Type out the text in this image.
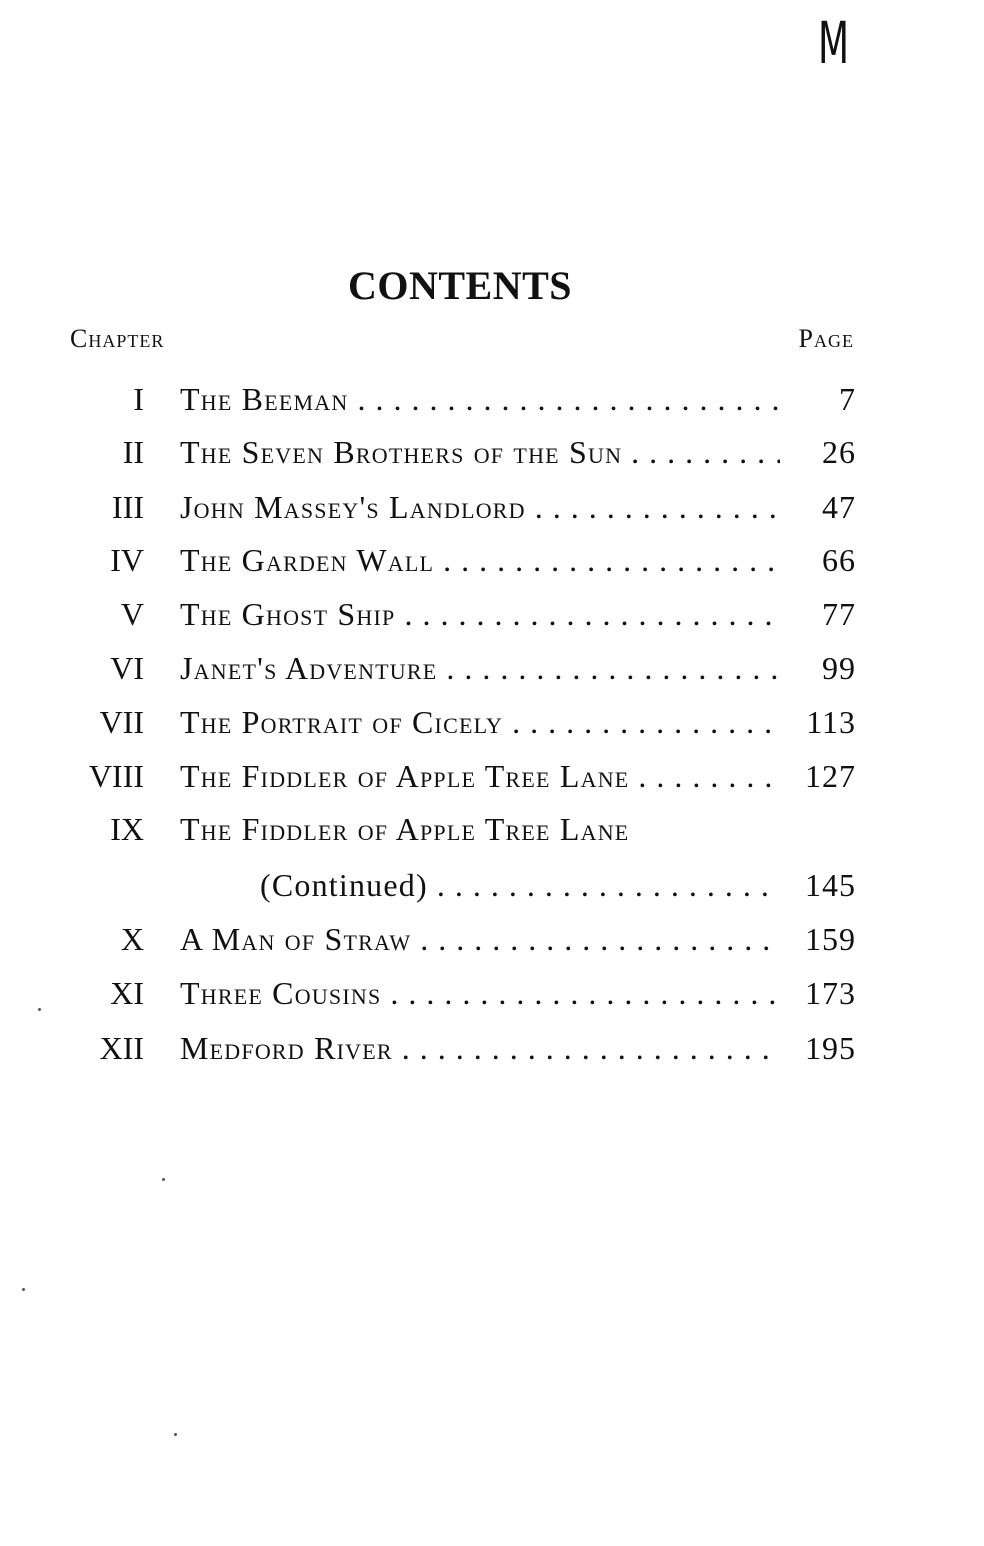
M
CONTENTS
Chapter	Page
I The Beeman . . .	7
II The Seven Brothers of the Sun . . .	26
III John Massey's Landlord . . .	47
IV The Garden Wall . . .	66
V The Ghost Ship . . .	77
VI Janet's Adventure . . .	99
VII The Portrait of Cicely . . .	113
VIII The Fiddler of Apple Tree Lane . . .	127
IX The Fiddler of Apple Tree Lane
(Continued) . . .	145
X A Man of Straw . . .	159
XI Three Cousins . . .	173
XII Medford River . . .	195
